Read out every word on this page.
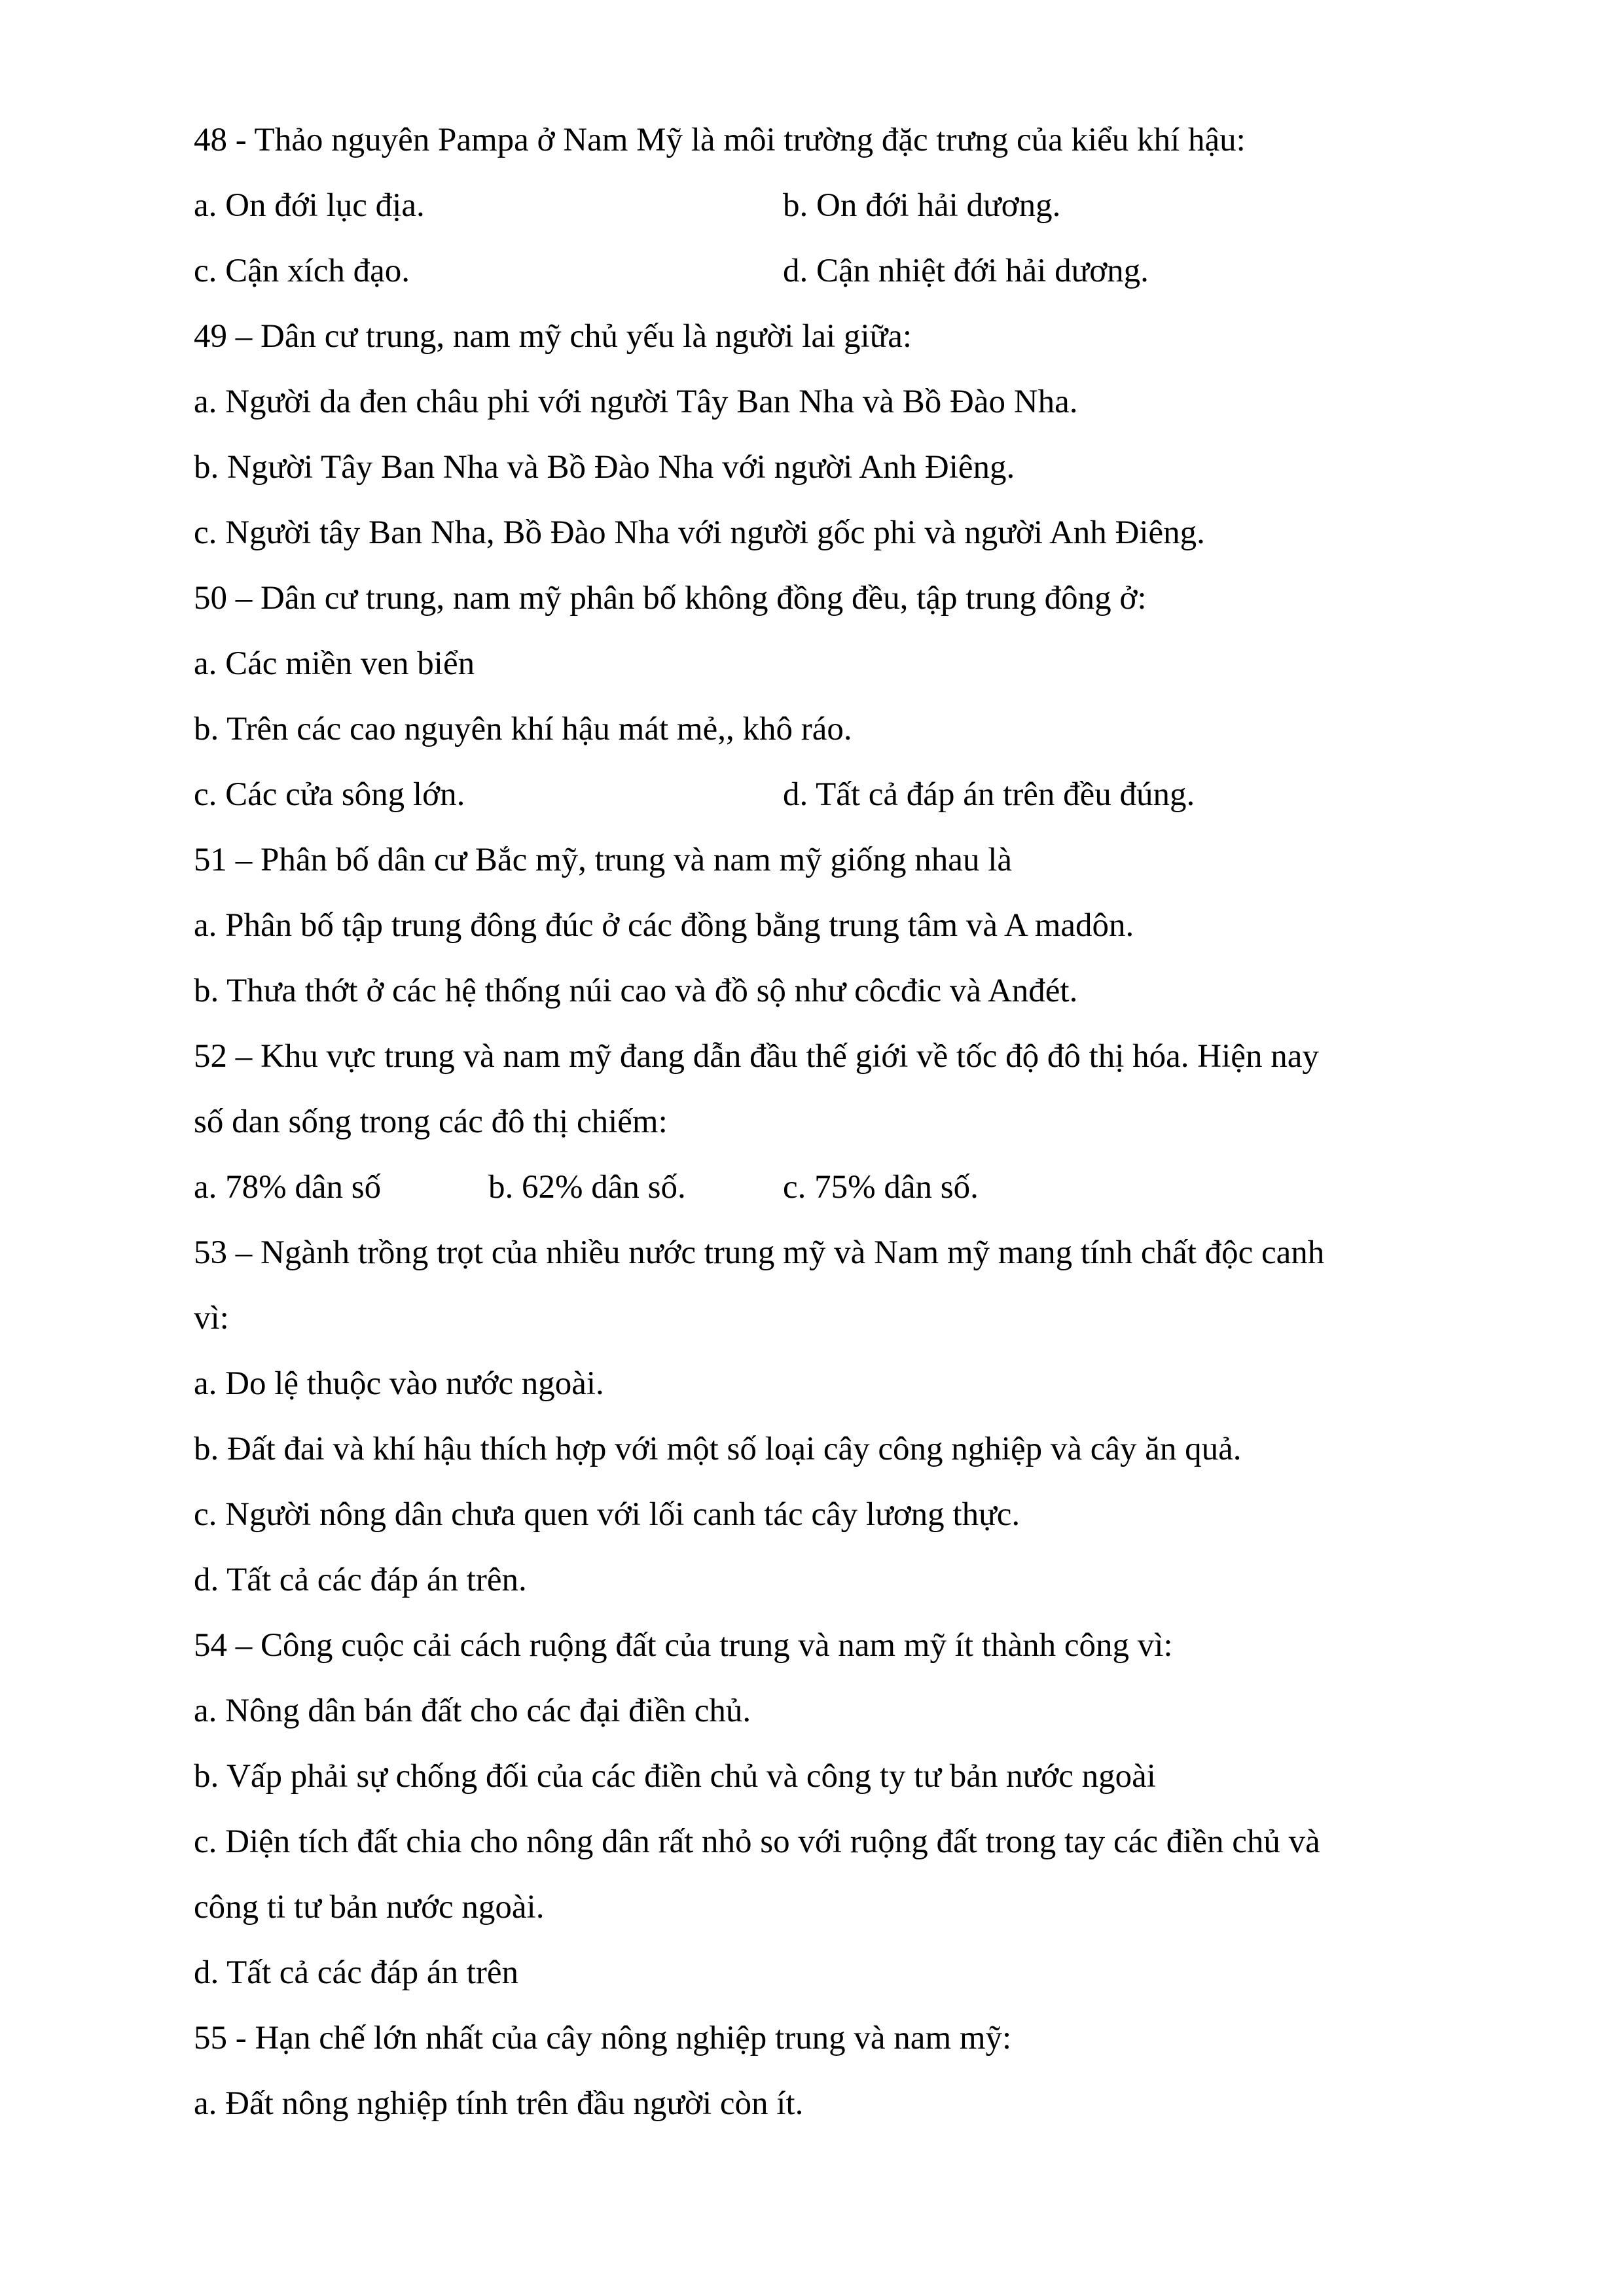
48 - Thảo nguyên Pampa ở Nam Mỹ là môi trường đặc trưng của kiểu khí hậu:
a. On đới lục địa.	b. On đới hải dương.
c. Cận xích đạo.	d. Cận nhiệt đới hải dương.
49 – Dân cư trung, nam mỹ chủ yếu là người lai giữa:
a. Người da đen châu phi với người Tây Ban Nha và Bồ Đào Nha.
b. Người Tây Ban Nha và Bồ Đào Nha với người Anh Điêng.
c. Người tây Ban Nha, Bồ Đào Nha với người gốc phi và người Anh Điêng.
50 – Dân cư trung, nam mỹ phân bố không đồng đều, tập trung đông ở:
a. Các miền ven biển
b. Trên các cao nguyên khí hậu mát mẻ,, khô ráo.
c. Các cửa sông lớn.	d. Tất cả đáp án trên đều đúng.
51 – Phân bố dân cư Bắc mỹ, trung và nam mỹ giống nhau là
a. Phân bố tập trung đông đúc ở các đồng bằng trung tâm và A madôn.
b. Thưa thớt ở các hệ thống núi cao và đồ sộ như côcđic và Anđét.
52 – Khu vực trung và nam mỹ đang dẫn đầu thế giới về tốc độ đô thị hóa. Hiện nay
số dan sống trong các đô thị chiếm:
a. 78% dân số	b. 62% dân số.	c. 75% dân số.
53 – Ngành trồng trọt của nhiều nước trung mỹ và Nam mỹ mang tính chất độc canh
vì:
a. Do lệ thuộc vào nước ngoài.
b. Đất đai và khí hậu thích hợp với một số loại cây công nghiệp và cây ăn quả.
c. Người nông dân chưa quen với lối canh tác cây lương thực.
d. Tất cả các đáp án trên.
54 – Công cuộc cải cách ruộng đất của trung và nam mỹ ít thành công vì:
a. Nông dân bán đất cho các đại điền chủ.
b. Vấp phải sự chống đối của các điền chủ và công ty tư bản nước ngoài
c. Diện tích đất chia cho nông dân rất nhỏ so với ruộng đất trong tay các điền chủ và
công ti tư bản nước ngoài.
d. Tất cả các đáp án trên
55 - Hạn chế lớn nhất của cây nông nghiệp trung và nam mỹ:
a. Đất nông nghiệp tính trên đầu người còn ít.
